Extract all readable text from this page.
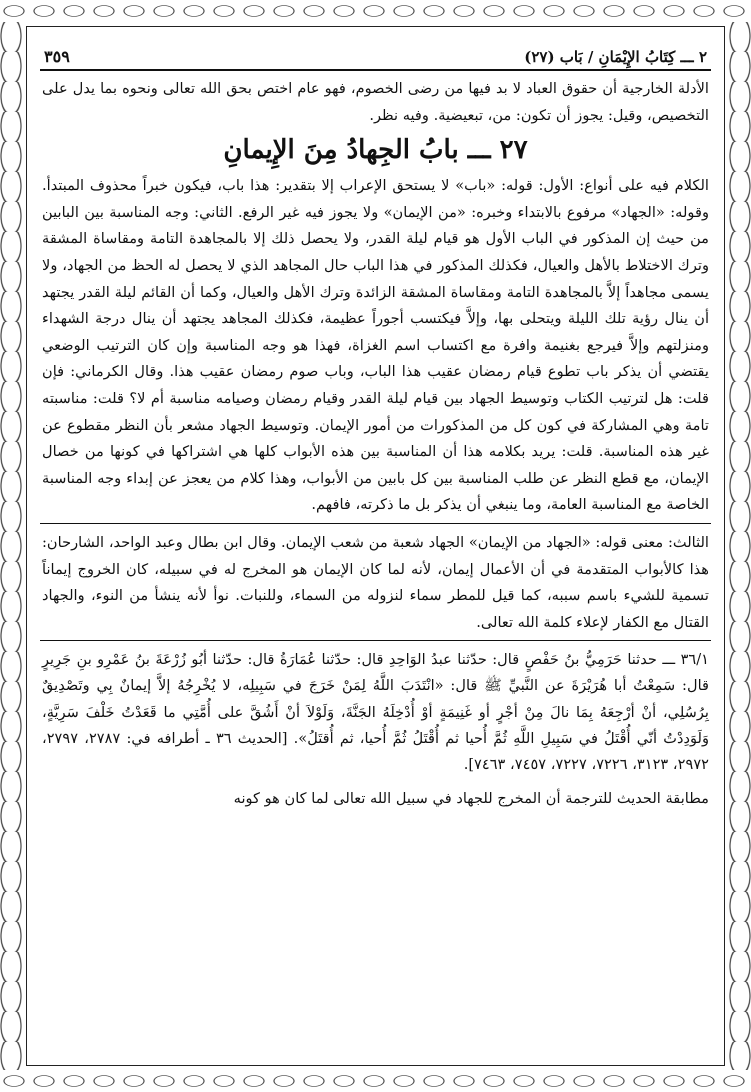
٢ ـــ كِتَابُ الإِيْمَانِ / بَاب (٢٧)
٣٥٩

الأدلة الخارجية أن حقوق العباد لا بد فيها من رضى الخصوم، فهو عام اختص بحق الله تعالى ونحوه بما يدل على التخصيص، وقيل: يجوز أن تكون: من، تبعيضية. وفيه نظر.

٢٧ ـــ بابُ الجِهادُ مِنَ الإِيمانِ

الكلام فيه على أنواع: الأول: قوله: «باب» لا يستحق الإعراب إلا بتقدير: هذا باب، فيكون خبراً محذوف المبتدأ. وقوله: «الجهاد» مرفوع بالابتداء وخبره: «من الإيمان» ولا يجوز فيه غير الرفع. الثاني: وجه المناسبة بين البابين من حيث إن المذكور في الباب الأول هو قيام ليلة القدر، ولا يحصل ذلك إلا بالمجاهدة التامة ومقاساة المشقة وترك الاختلاط بالأهل والعيال، فكذلك المذكور في هذا الباب حال المجاهد الذي لا يحصل له الحظ من الجهاد، ولا يسمى مجاهداً إلاَّ بالمجاهدة التامة ومقاساة المشقة الزائدة وترك الأهل والعيال، وكما أن القائم ليلة القدر يجتهد أن ينال رؤية تلك الليلة ويتحلى بها، وإلاَّ فيكتسب أجوراً عظيمة، فكذلك المجاهد يجتهد أن ينال درجة الشهداء ومنزلتهم وإلاَّ فيرجع بغنيمة وافرة مع اكتساب اسم الغزاة، فهذا هو وجه المناسبة وإن كان الترتيب الوضعي يقتضي أن يذكر باب تطوع قيام رمضان عقيب هذا الباب، وباب صوم رمضان عقيب هذا. وقال الكرماني: فإن قلت: هل لترتيب الكتاب وتوسيط الجهاد بين قيام ليلة القدر وقيام رمضان وصيامه مناسبة أم لا؟ قلت: مناسبته تامة وهي المشاركة في كون كل من المذكورات من أمور الإيمان. وتوسيط الجهاد مشعر بأن النظر مقطوع عن غير هذه المناسبة. قلت: يريد بكلامه هذا أن المناسبة بين هذه الأبواب كلها هي اشتراكها في كونها من خصال الإيمان، مع قطع النظر عن طلب المناسبة بين كل بابين من الأبواب، وهذا كلام من يعجز عن إبداء وجه المناسبة الخاصة مع المناسبة العامة، وما ينبغي أن يذكر بل ما ذكرته، فافهم.

الثالث: معنى قوله: «الجهاد من الإيمان» الجهاد شعبة من شعب الإيمان. وقال ابن بطال وعبد الواحد، الشارحان: هذا كالأبواب المتقدمة في أن الأعمال إيمان، لأنه لما كان الإيمان هو المخرج له في سبيله، كان الخروج إيماناً تسمية للشيء باسم سببه، كما قيل للمطر سماء لنزوله من السماء، وللنبات. نوأ لأنه ينشأ من النوء، والجهاد القتال مع الكفار لإعلاء كلمة الله تعالى.

٣٦/١ ـــ حدثنا حَرَمِيُّ بنُ حَفْصٍ قال: حدّثنا عبدُ الوَاحِدِ قال: حدّثنا عُمَارَةُ قال: حدّثنا أبُو زُرْعَةَ بنُ عَمْرِو بنِ جَرِيرٍ قال: سَمِعْتُ أبا هُرَيْرَةَ عن النَّبيِّ ﷺ قال: «انْتَدَبَ اللَّهُ لِمَنْ خَرَجَ في سَبِيلِه، لا يُخْرِجُهُ إلاَّ إيمانٌ بِي وتَصْدِيقٌ بِرُسُلِي، أنْ أرْجِعَهُ بِمَا نالَ مِنْ أجْرٍ أو غَنِيمَةٍ أوْ أُدْخِلَهُ الجَنَّةَ، وَلَوْلاَ أنْ أَشُقَّ على أُمَّتِي ما قَعَدْتُ خَلْفَ سَرِيَّةٍ، وَلَوَدِدْتُ أنّي أُقْتَلُ في سَبِيلِ اللَّهِ ثُمَّ أُحيا ثم أُقْتَلُ ثُمَّ أُحيا، ثم أُقتَلُ». [الحديث ٣٦ ـ أطرافه في: ٢٧٨٧، ٢٧٩٧، ٢٩٧٢، ٣١٢٣، ٧٢٢٦، ٧٢٢٧، ٧٤٥٧، ٧٤٦٣].

مطابقة الحديث للترجمة أن المخرج للجهاد في سبيل الله تعالى لما كان هو كونه
